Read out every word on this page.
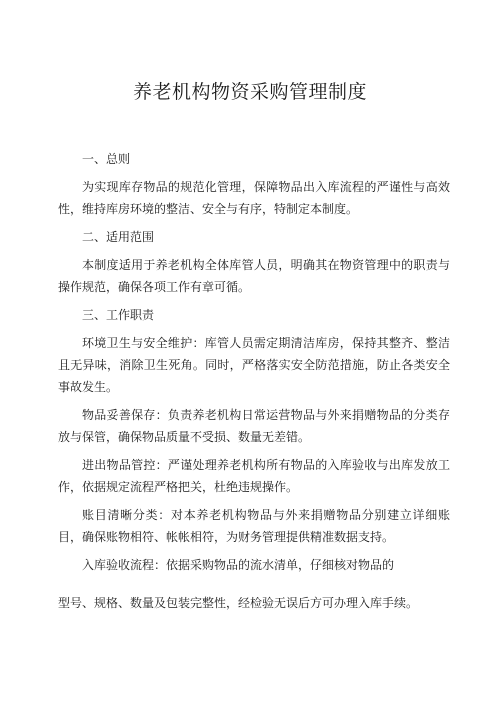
养老机构物资采购管理制度

一、总则

为实现库存物品的规范化管理，保障物品出入库流程的严谨性与高效性，维持库房环境的整洁、安全与有序，特制定本制度。

二、适用范围

本制度适用于养老机构全体库管人员，明确其在物资管理中的职责与操作规范，确保各项工作有章可循。

三、工作职责

环境卫生与安全维护：库管人员需定期清洁库房，保持其整齐、整洁且无异味，消除卫生死角。同时，严格落实安全防范措施，防止各类安全事故发生。

物品妥善保存：负责养老机构日常运营物品与外来捐赠物品的分类存放与保管，确保物品质量不受损、数量无差错。

进出物品管控：严谨处理养老机构所有物品的入库验收与出库发放工作，依据规定流程严格把关，杜绝违规操作。

账目清晰分类：对本养老机构物品与外来捐赠物品分别建立详细账目，确保账物相符、帐帐相符，为财务管理提供精准数据支持。

入库验收流程：依据采购物品的流水清单，仔细核对物品的

型号、规格、数量及包装完整性，经检验无误后方可办理入库手续。
